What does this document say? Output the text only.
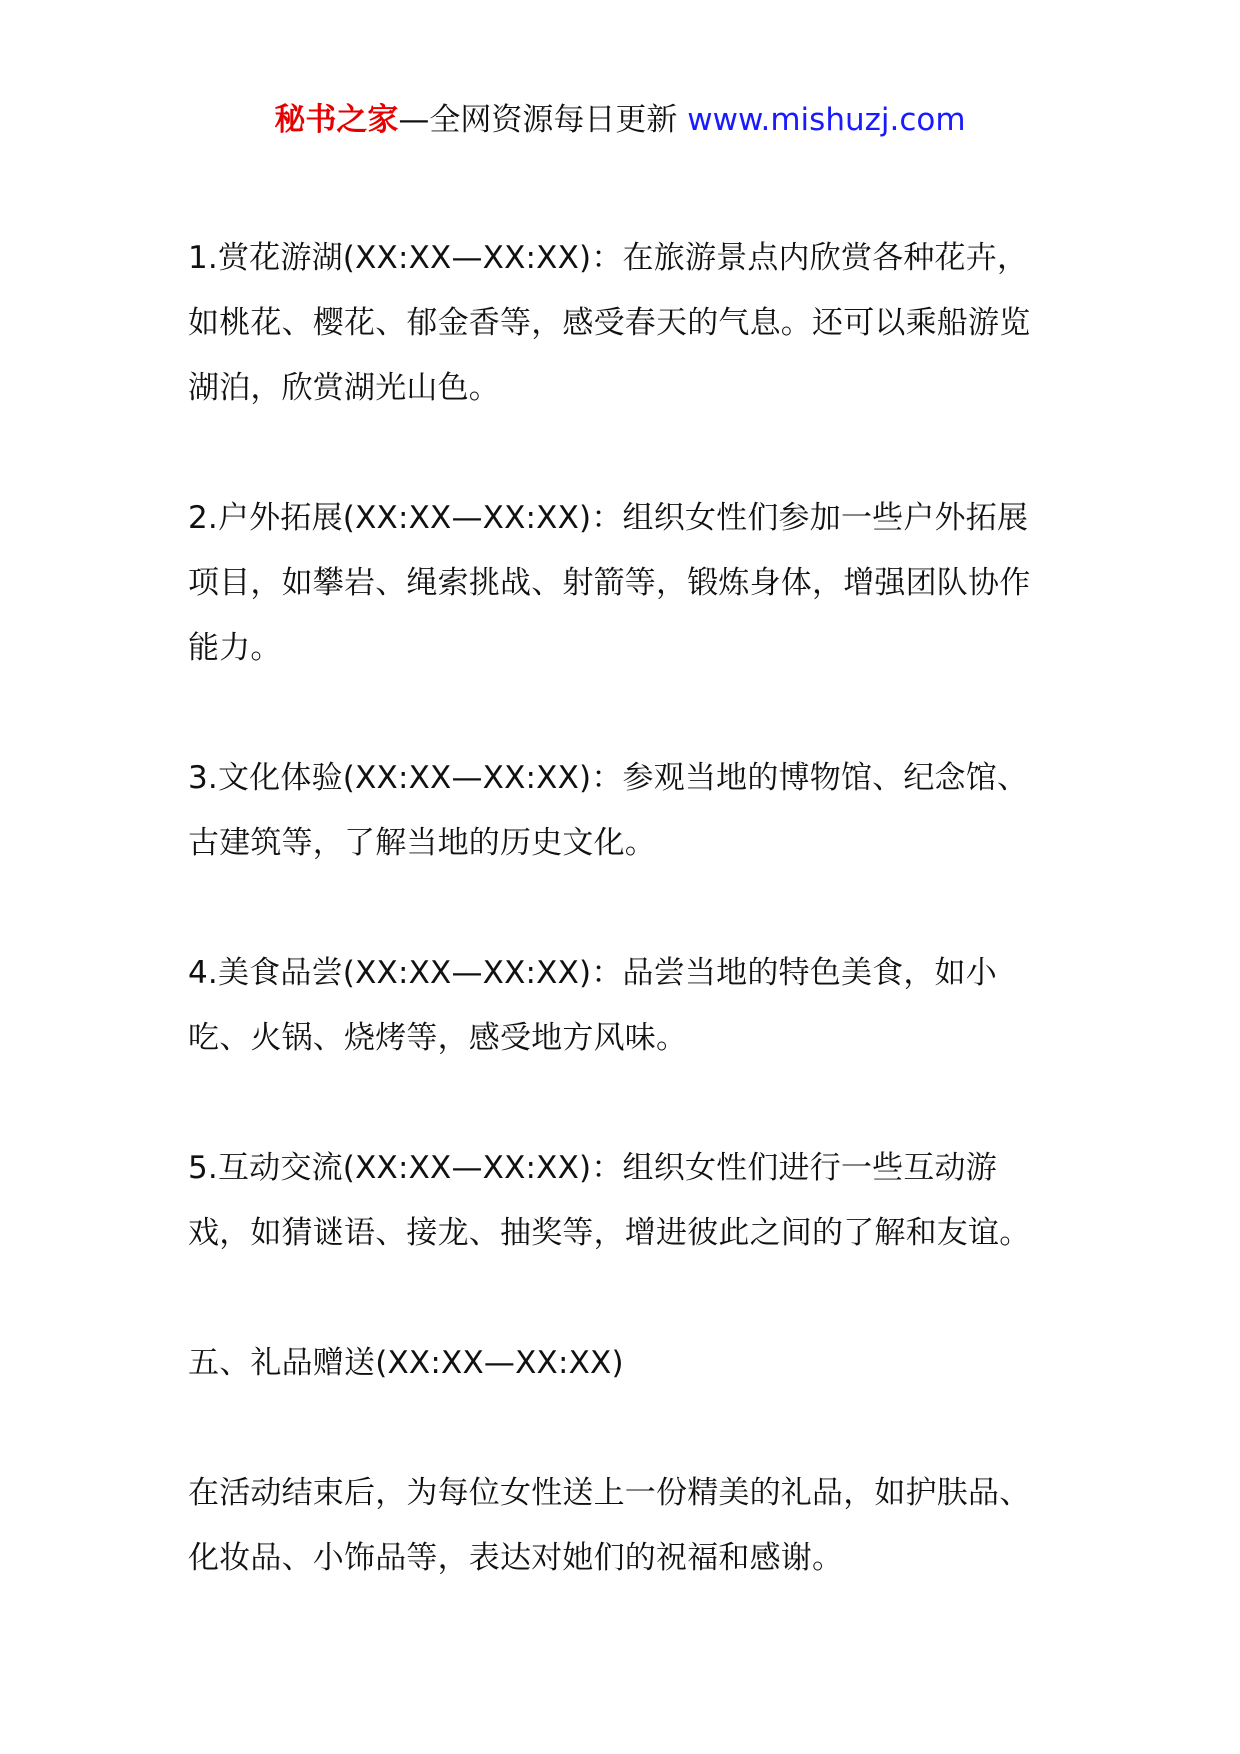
秘书之家—全网资源每日更新 www.mishuzj.com

1.赏花游湖(XX:XX—XX:XX)：在旅游景点内欣赏各种花卉，如桃花、樱花、郁金香等，感受春天的气息。还可以乘船游览湖泊，欣赏湖光山色。

2.户外拓展(XX:XX—XX:XX)：组织女性们参加一些户外拓展项目，如攀岩、绳索挑战、射箭等，锻炼身体，增强团队协作能力。

3.文化体验(XX:XX—XX:XX)：参观当地的博物馆、纪念馆、古建筑等，了解当地的历史文化。

4.美食品尝(XX:XX—XX:XX)：品尝当地的特色美食，如小吃、火锅、烧烤等，感受地方风味。

5.互动交流(XX:XX—XX:XX)：组织女性们进行一些互动游戏，如猜谜语、接龙、抽奖等，增进彼此之间的了解和友谊。

五、礼品赠送(XX:XX—XX:XX)

在活动结束后，为每位女性送上一份精美的礼品，如护肤品、化妆品、小饰品等，表达对她们的祝福和感谢。
